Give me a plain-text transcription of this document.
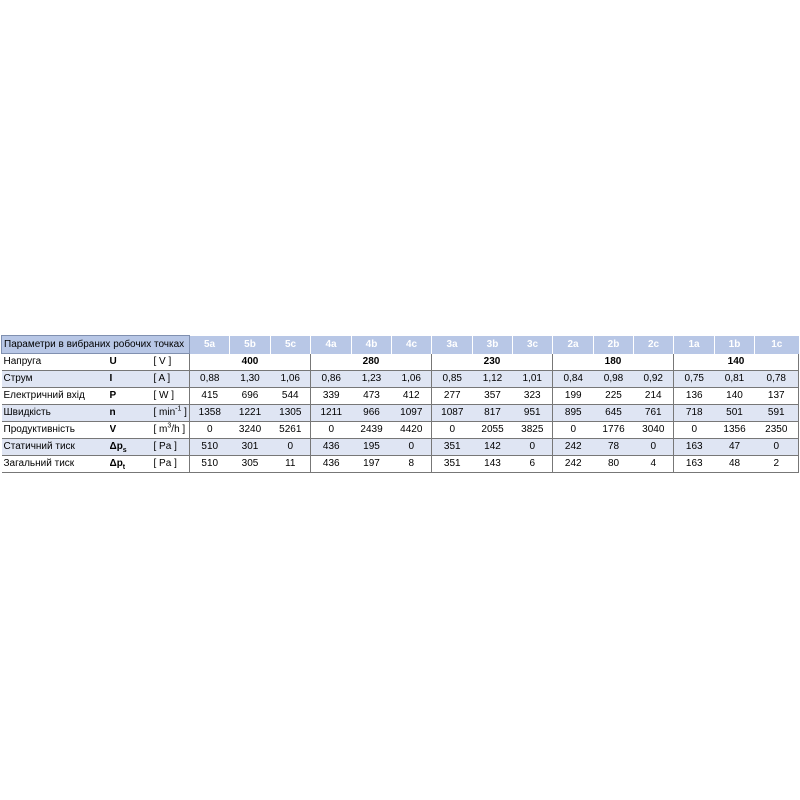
Параметри в вибраних робочих точках			5a	5b	5c	4a	4b	4c	3a	3b	3c	2a	2b	2c	1a	1b	1c
Напруга	U	[ V ]	400			280			230			180			140		
Струм	I	[ A ]	0,88	1,30	1,06	0,86	1,23	1,06	0,85	1,12	1,01	0,84	0,98	0,92	0,75	0,81	0,78
Електричний вхід	P	[ W ]	415	696	544	339	473	412	277	357	323	199	225	214	136	140	137
Швидкість	n	[ $\min^{-1}$ ]	1358	1221	1305	1211	966	1097	1087	817	951	895	645	761	718	501	591
Продуктивність	V	[ $m^3/h$ ]	0	3240	5261	0	2439	4420	0	2055	3825	0	1776	3040	0	1356	2350
Статичний тиск	$\Delta p_s$	[ Pa ]	510	301	0	436	195	0	351	142	0	242	78	0	163	47	0
Загальний тиск	$\Delta p_t$	[ Pa ]	510	305	11	436	197	8	351	143	6	242	80	4	163	48	2
